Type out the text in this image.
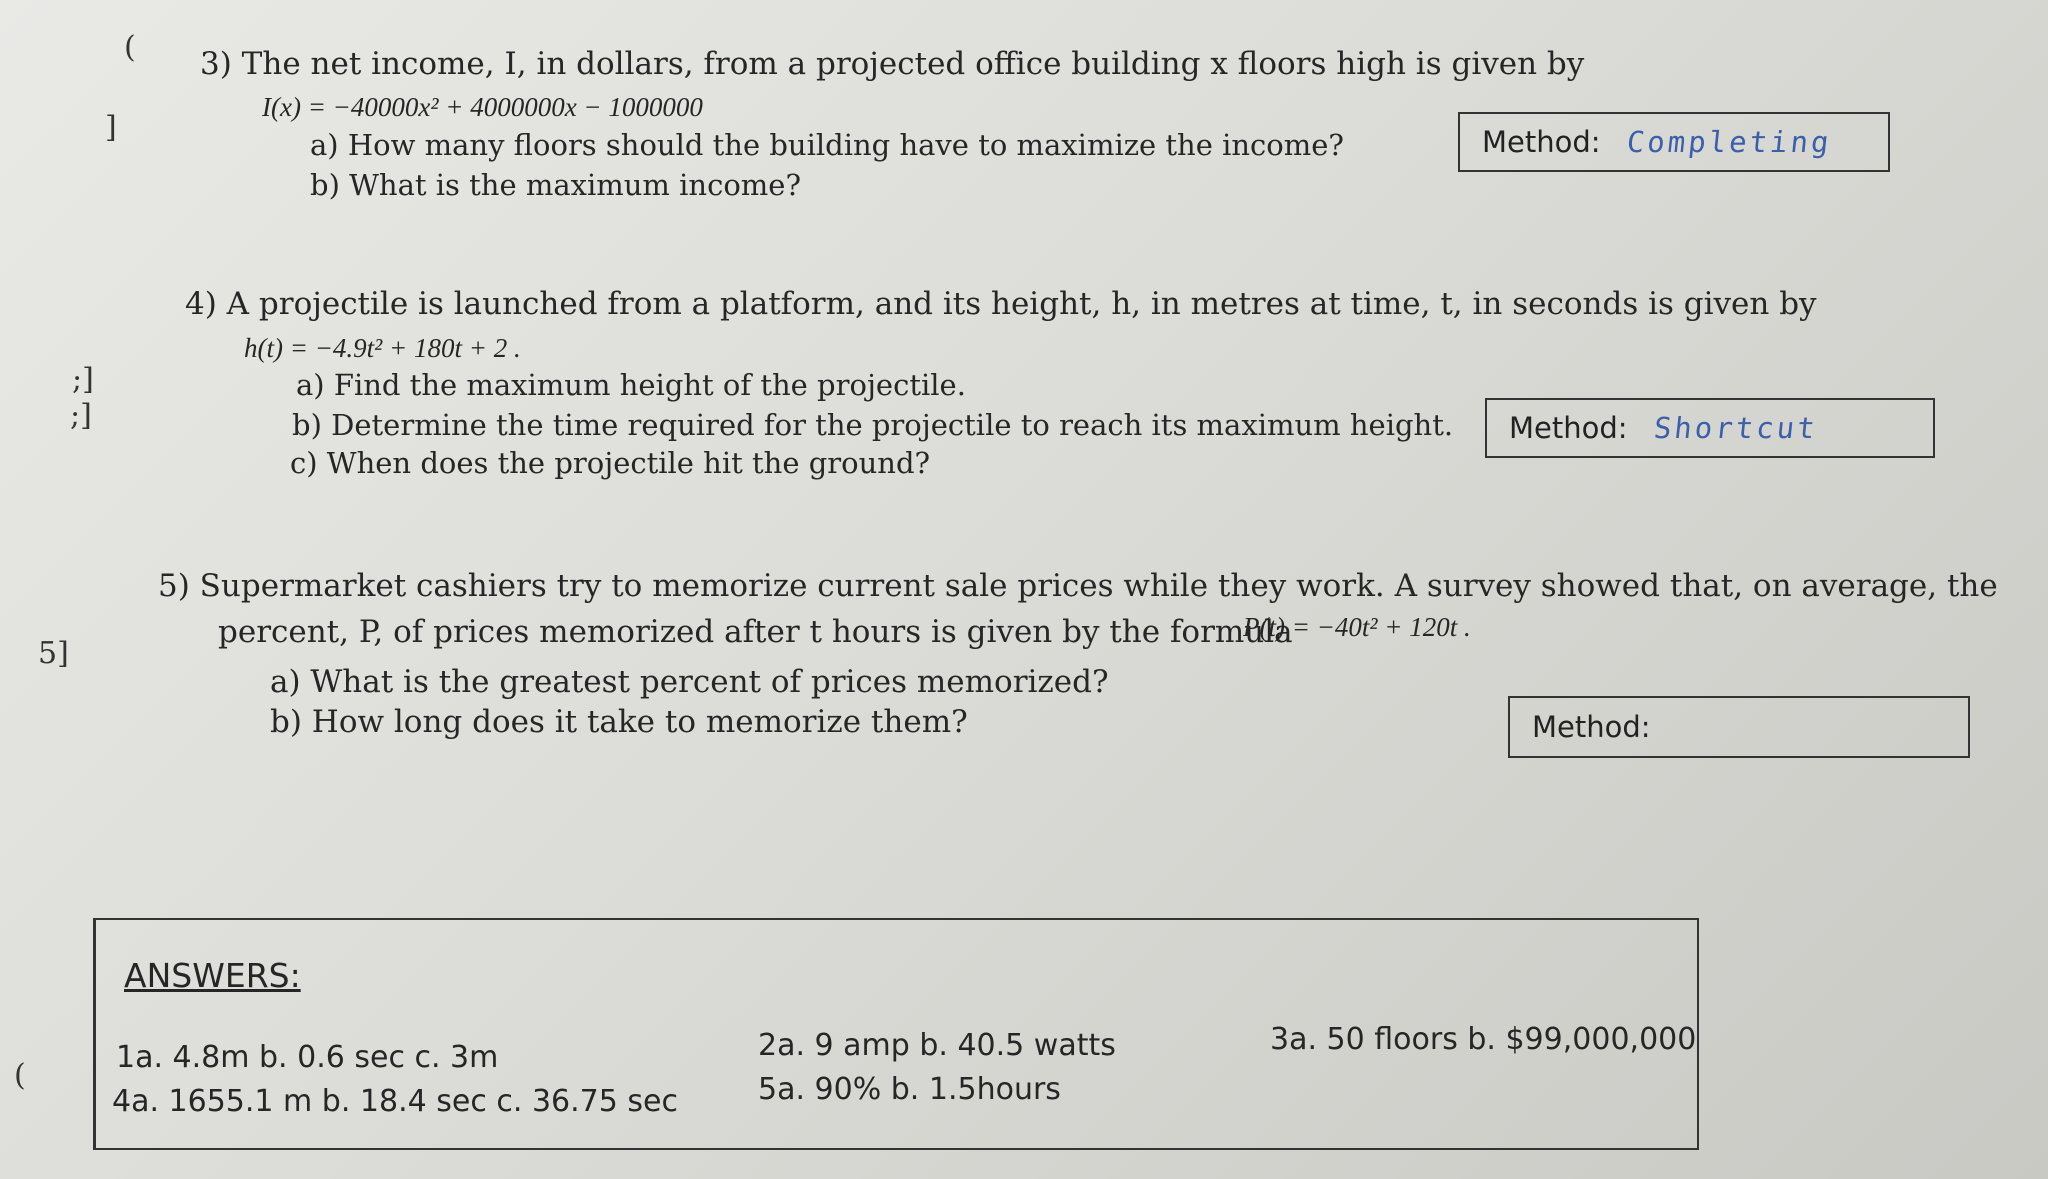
(
]
;]
;]
5]
(
3) The net income, I, in dollars, from a projected office building x floors high is given by
I(x) = −40000x² + 4000000x − 1000000
a) How many floors should the building have to maximize the income?
b) What is the maximum income?
Method: Completing
4) A projectile is launched from a platform, and its height, h, in metres at time, t, in seconds is given by
h(t) = −4.9t² + 180t + 2 .
a) Find the maximum height of the projectile.
b) Determine the time required for the projectile to reach its maximum height.
c) When does the projectile hit the ground?
Method: Shortcut
5) Supermarket cashiers try to memorize current sale prices while they work. A survey showed that, on average, the
percent, P, of prices memorized after t hours is given by the formula
P(t) = −40t² + 120t .
a) What is the greatest percent of prices memorized?
b) How long does it take to memorize them?	Method:
ANSWERS:
1a. 4.8m b. 0.6 sec c. 3m	2a. 9 amp b. 40.5 watts	3a. 50 floors b. $99,000,000
4a. 1655.1 m b. 18.4 sec c. 36.75 sec	5a. 90% b. 1.5hours
